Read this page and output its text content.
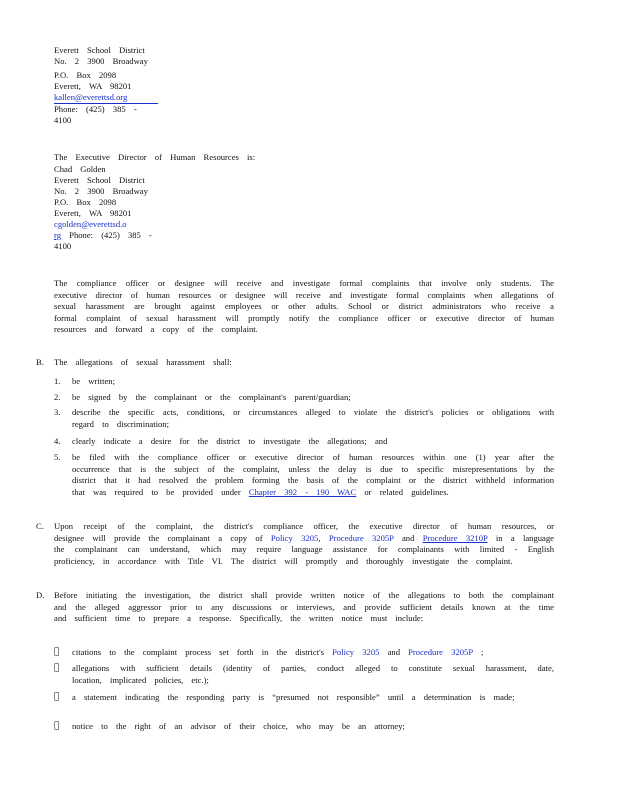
Everett School District
No. 2 3900 Broadway
P.O. Box 2098
Everett, WA 98201
kallen@everettsd.org
Phone: (425) 385 -
4100
The Executive Director of Human Resources is:
Chad Golden
Everett School District
No. 2 3900 Broadway
P.O. Box 2098
Everett, WA 98201
cgolden@everettsd.o
rg Phone: (425) 385 -
4100
The compliance officer or designee will receive and investigate formal complaints that involve only students. The executive director of human resources or designee will receive and investigate formal complaints when allegations of sexual harassment are brought against employees or other adults. School or district administrators who receive a formal complaint of sexual harassment will promptly notify the compliance officer or executive director of human resources and forward a copy of the complaint.
B. The allegations of sexual harassment shall:
1. be written;
2. be signed by the complainant or the complainant's parent/guardian;
3. describe the specific acts, conditions, or circumstances alleged to violate the district's policies or obligations with regard to discrimination;
4. clearly indicate a desire for the district to investigate the allegations; and
5. be filed with the compliance officer or executive director of human resources within one (1) year after the occurrence that is the subject of the complaint, unless the delay is due to specific misrepresentations by the district that it had resolved the problem forming the basis of the complaint or the district withheld information that was required to be provided under Chapter 392 - 190 WAC or related guidelines.
C. Upon receipt of the complaint, the district's compliance officer, the executive director of human resources, or designee will provide the complainant a copy of Policy 3205, Procedure 3205P and Procedure 3210P in a language the complainant can understand, which may require language assistance for complainants with limited - English proficiency, in accordance with Title VI. The district will promptly and thoroughly investigate the complaint.
D. Before initiating the investigation, the district shall provide written notice of the allegations to both the complainant and the alleged aggressor prior to any discussions or interviews, and provide sufficient details known at the time and sufficient time to prepare a response. Specifically, the written notice must include:
citations to the complaint process set forth in the district's Policy 3205 and Procedure 3205P ;
allegations with sufficient details (identity of parties, conduct alleged to constitute sexual harassment, date, location, implicated policies, etc.);
a statement indicating the responding party is “presumed not responsible” until a determination is made;
notice to the right of an advisor of their choice, who may be an attorney;
